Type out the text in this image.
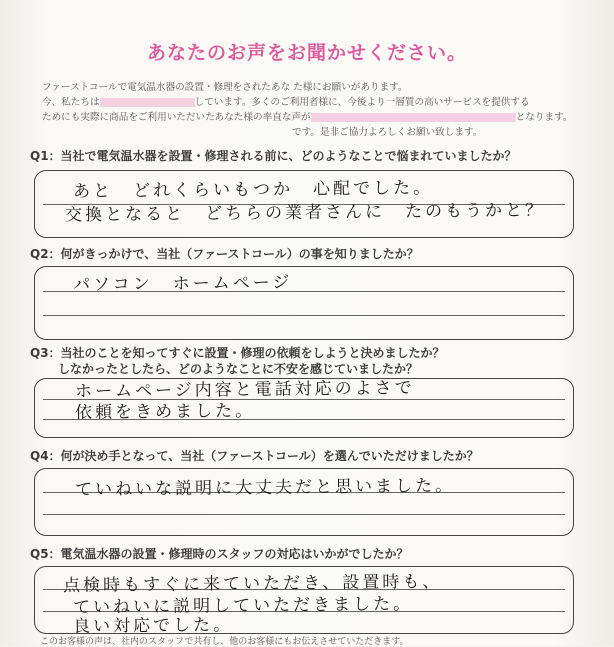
あなたのお声をお聞かせください。

ファーストコールで電気温水器の設置・修理をされたあな た様にお願いがあります。

今、私たちは	しています。多くのご利用者様に、今後より一層質の高いサービスを提供する

ためにも実際に商品をご利用いただいたあなた様の率直な声が	となります。

です。是非ご協力よろしくお願い致します。

Q1：当社で電気温水器を設置・修理される前に、どのようなことで悩まれていましたか？
あと　どれくらいもつか　心配でした。
交換となると　どちらの業者さんに　たのもうかと？
Q2：何がきっかけで、当社（ファーストコール）の事を知りましたか？
パソコン　ホームページ
Q3：当社のことを知ってすぐに設置・修理の依頼をしようと決めましたか？
しなかったとしたら、どのようなことに不安を感じていましたか？
ホームページ内容と電話対応のよさで
依頼をきめました。
Q4：何が決め手となって、当社（ファーストコール）を選んでいただけましたか？
ていねいな説明に大丈夫だと思いました。
Q5：電気温水器の設置・修理時のスタッフの対応はいかがでしたか？
点検時もすぐに来ていただき、設置時も、
ていねいに説明していただきました。
良い対応でした。
このお客様の声は、社内のスタッフで共有し、他のお客様にもお伝えさせていただきます。
